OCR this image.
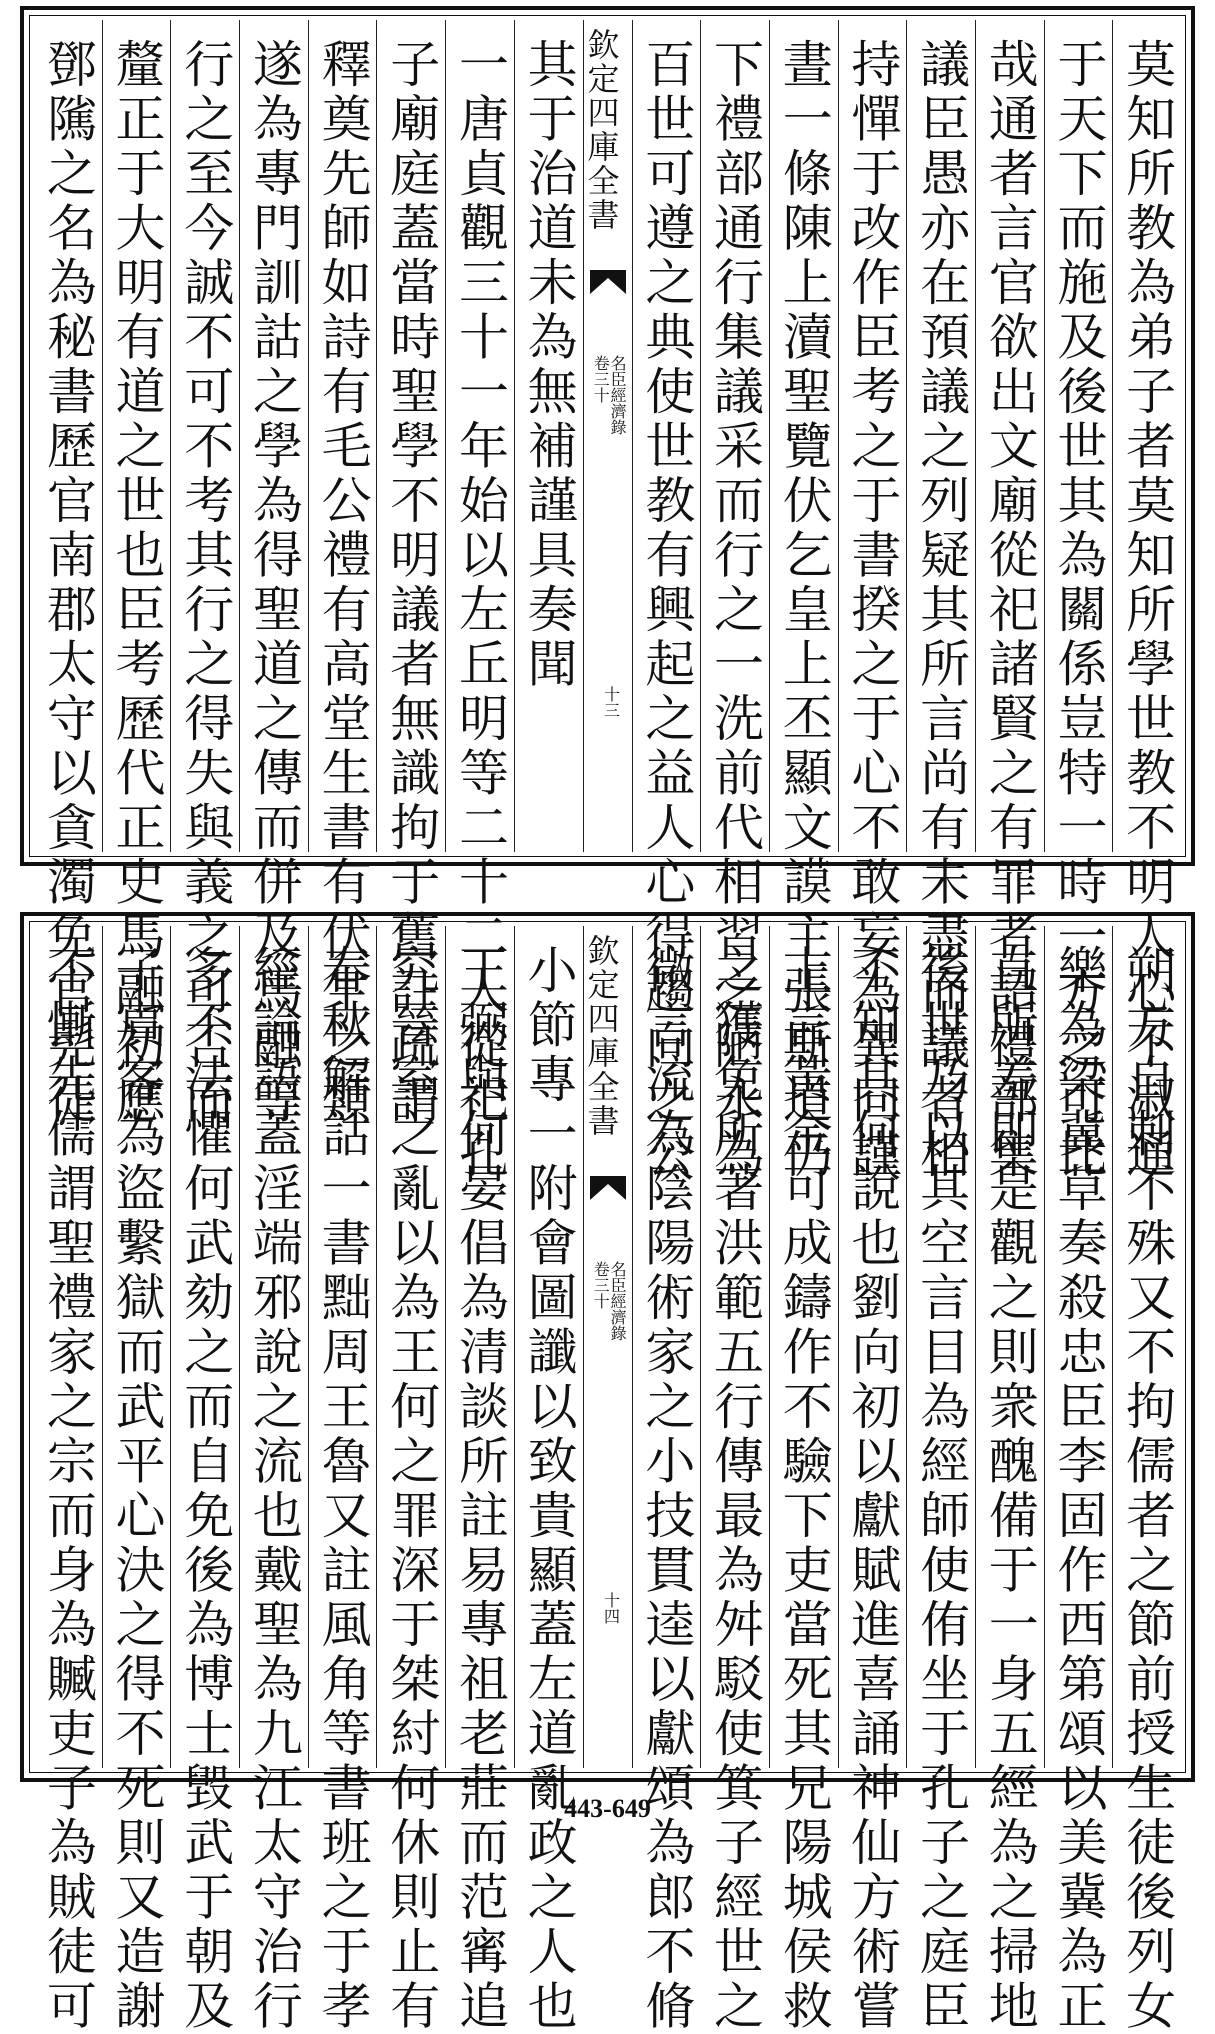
莫知所教為弟子者莫知所學世教不明人心不淑通
于天下而施及後世其為關係豈特一時一方之可比
哉通者言官欲出文廟從祀諸賢之有罪者詔禮部集
議臣愚亦在預議之列疑其所言尚有未盡而議者相
持憚于改作臣考之于書揆之于心不敢妄為異同謹
晝一條陳上瀆聖覽伏乞皇上丕顯文謨主張斯道仍
下禮部通行集議采而行之一洗前代相習之陋永為
百世可遵之典使世教有興起之益人心得趨向之公
欽定四庫全書
名臣經濟錄
卷三十
十三
其于治道未為無補謹具奏聞
一唐貞觀三十一年始以左丘明等二十二人從祀孔
子廟庭蓋當時聖學不明議者無識拘于舊註疏謂
釋奠先師如詩有毛公禮有高堂生書有伏生之類
遂為專門訓詁之學為得聖道之傳而併及馬融等
行之至今誠不可不考其行之得失與義之可否而
釐正于大明有道之世也臣考歷代正史馬融初應
鄧隲之名為秘書歷官南郡太守以貪濁免官髡徒
朔方自刺不殊又不拘儒者之節前授生徒後列女
樂為梁冀草奏殺忠臣李固作西第頌以美冀為正
直所羞即是觀之則衆醜備于一身五經為之掃地
後世乃以其空言目為經師使侑坐于孔子之庭臣
不知其何說也劉向初以獻賦進喜誦神仙方術嘗
上言黃金可成鑄作不驗下吏當死其兄陽城侯救
之獲免所著洪範五行傳最為舛駁使箕子經世之
微言流為陰陽術家之小技貫逵以獻頌為郎不脩
欽定四庫全書
名臣經濟錄
卷三十
十四
小節專一附會圖讖以致貴顯蓋左道亂政之人也
王弼與何晏倡為清談所註易專祖老莊而范寗追
究晉室之亂以為王何之罪深于桀紂何休則止有
春秋解詁一書黜周王魯又註風角等書班之于孝
經論語蓋淫端邪說之流也戴聖為九江太守治行
多不法懼何武劾之而自免後為博士毀武于朝及
子賔客為盜繫獄而武平心決之得不死則又造謝
不慚先儒謂聖禮家之宗而身為贓吏子為賊徒可	443-649
